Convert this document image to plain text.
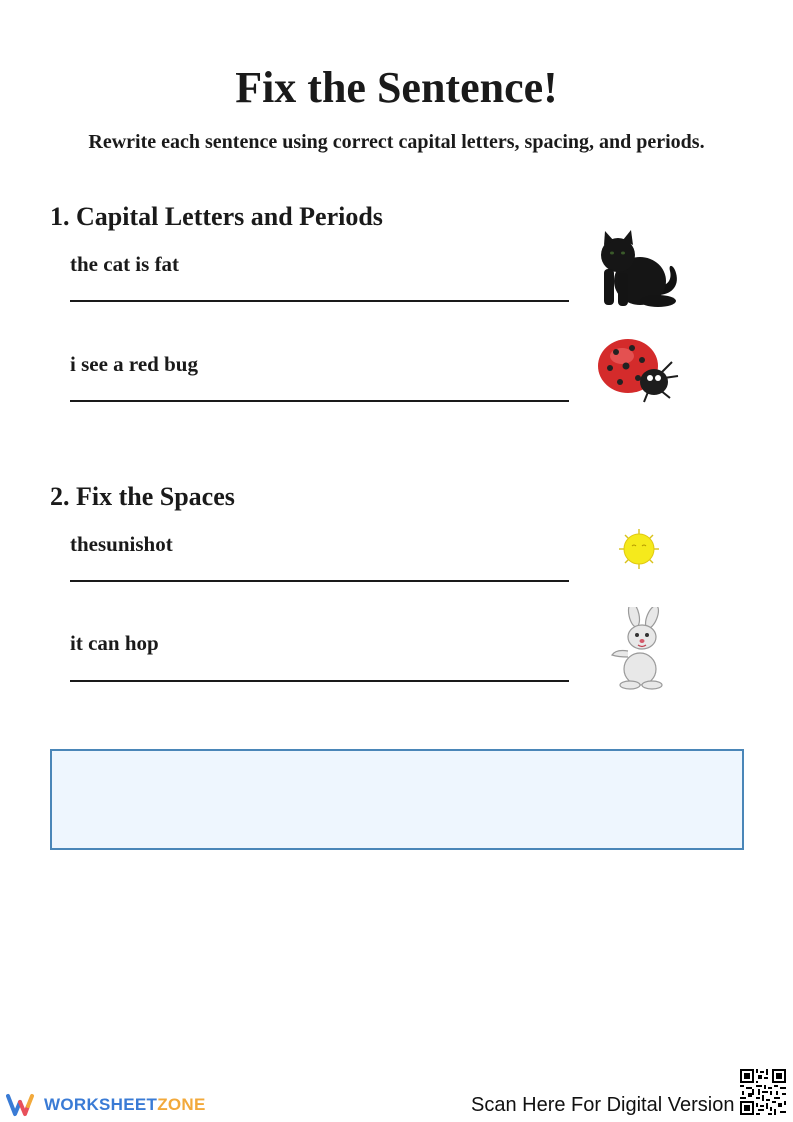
Fix the Sentence!

Rewrite each sentence using correct capital letters, spacing, and periods.

1. Capital Letters and Periods
the cat is fat
i see a red bug
2. Fix the Spaces
thesunishot
it can hop
WORKSHEET ZONE	Scan Here For Digital Version
